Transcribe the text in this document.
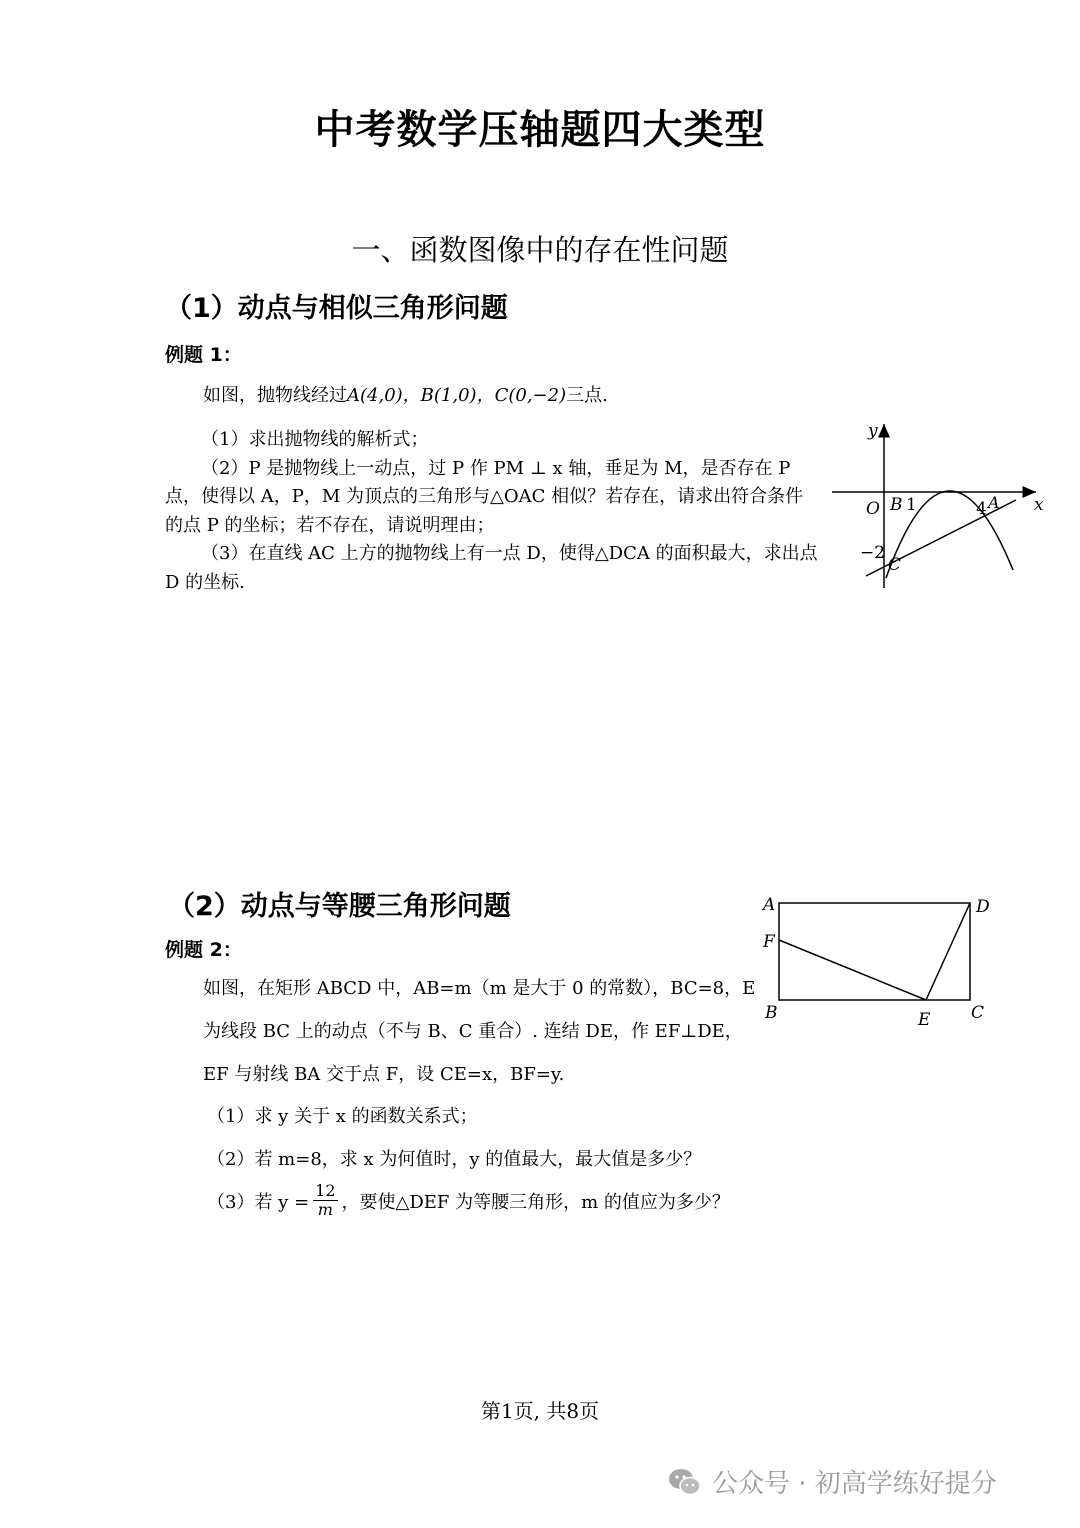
中考数学压轴题四大类型
一、函数图像中的存在性问题
（1）动点与相似三角形问题
例题 1：
如图，抛物线经过A(4,0)，B(1,0)，C(0,−2)三点.
（1）求出抛物线的解析式；
（2）P 是抛物线上一动点，过 P 作 PM ⊥ x 轴，垂足为 M，是否存在 P 点，使得以 A，P，M 为顶点的三角形与△OAC 相似？若存在，请求出符合条件的点 P 的坐标；若不存在，请说明理由；
（3）在直线 AC 上方的抛物线上有一点 D，使得△DCA 的面积最大，求出点 D 的坐标.
y
x
O B 1	4 A
−2
C
（2）动点与等腰三角形问题
例题 2：
如图，在矩形 ABCD 中，AB=m（m 是大于 0 的常数），BC=8，E
为线段 BC 上的动点（不与 B、C 重合）. 连结 DE，作 EF⊥DE，
EF 与射线 BA 交于点 F，设 CE=x，BF=y.
（1）求 y 关于 x 的函数关系式；
（2）若 m=8，求 x 为何值时，y 的值最大，最大值是多少？
（3）若 $y = \frac{12}{m}$ ，要使△DEF 为等腰三角形，m 的值应为多少？
A	D
F
B	E C
第1页, 共8页
公众号 · 初高学练好提分
